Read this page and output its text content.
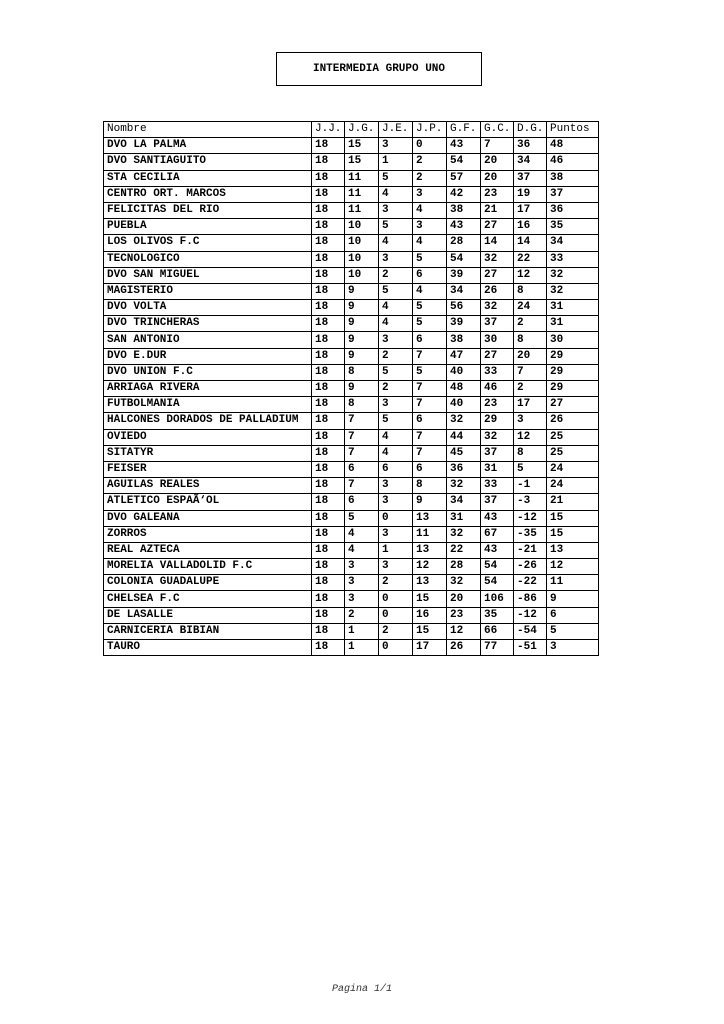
INTERMEDIA GRUPO UNO
Nombre	J.J.	J.G.	J.E.	J.P.	G.F.	G.C.	D.G.	Puntos
DVO LA PALMA	18	15	3	0	43	7	36	48
DVO SANTIAGUITO	18	15	1	2	54	20	34	46
STA CECILIA	18	11	5	2	57	20	37	38
CENTRO ORT. MARCOS	18	11	4	3	42	23	19	37
FELICITAS DEL RIO	18	11	3	4	38	21	17	36
PUEBLA	18	10	5	3	43	27	16	35
LOS OLIVOS F.C	18	10	4	4	28	14	14	34
TECNOLOGICO	18	10	3	5	54	32	22	33
DVO SAN MIGUEL	18	10	2	6	39	27	12	32
MAGISTERIO	18	9	5	4	34	26	8	32
DVO VOLTA	18	9	4	5	56	32	24	31
DVO TRINCHERAS	18	9	4	5	39	37	2	31
SAN ANTONIO	18	9	3	6	38	30	8	30
DVO E.DUR	18	9	2	7	47	27	20	29
DVO UNION F.C	18	8	5	5	40	33	7	29
ARRIAGA RIVERA	18	9	2	7	48	46	2	29
FUTBOLMANIA	18	8	3	7	40	23	17	27
HALCONES DORADOS DE PALLADIUM	18	7	5	6	32	29	3	26
OVIEDO	18	7	4	7	44	32	12	25
SITATYR	18	7	4	7	45	37	8	25
FEISER	18	6	6	6	36	31	5	24
AGUILAS REALES	18	7	3	8	32	33	-1	24
ATLETICO ESPAÃ‘OL	18	6	3	9	34	37	-3	21
DVO GALEANA	18	5	0	13	31	43	-12	15
ZORROS	18	4	3	11	32	67	-35	15
REAL AZTECA	18	4	1	13	22	43	-21	13
MORELIA VALLADOLID F.C	18	3	3	12	28	54	-26	12
COLONIA GUADALUPE	18	3	2	13	32	54	-22	11
CHELSEA F.C	18	3	0	15	20	106	-86	9
DE LASALLE	18	2	0	16	23	35	-12	6
CARNICERIA BIBIAN	18	1	2	15	12	66	-54	5
TAURO	18	1	0	17	26	77	-51	3
Pagina 1/1
